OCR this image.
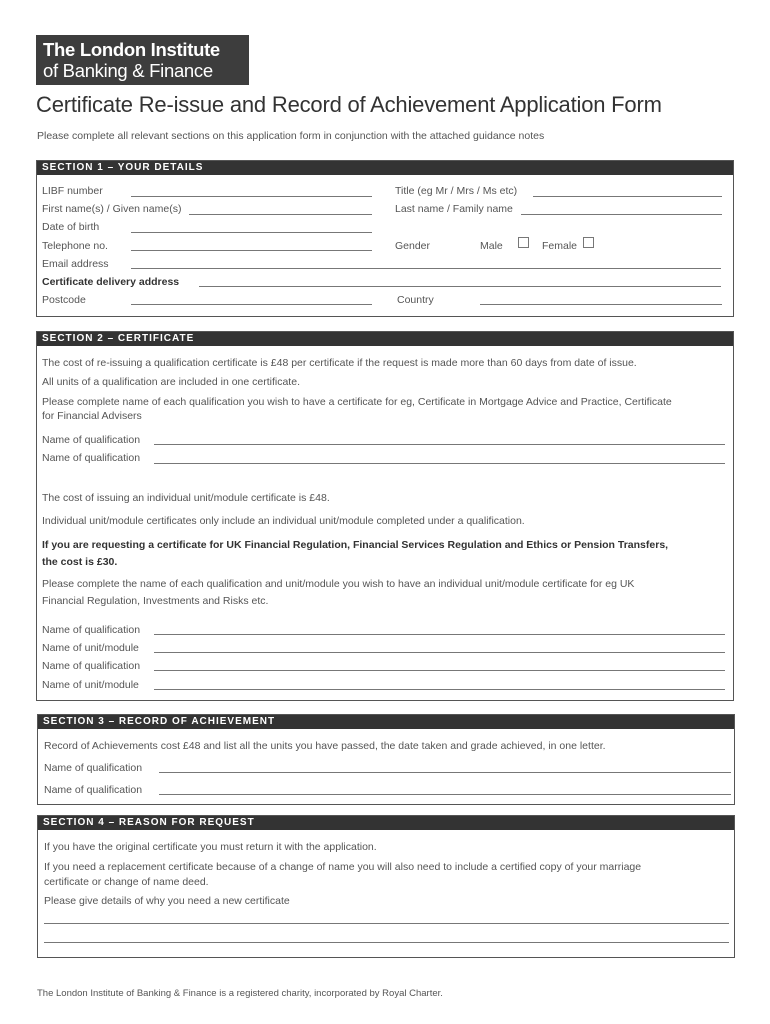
The London Institute
of Banking & Finance
Certificate Re-issue and Record of Achievement Application Form
Please complete all relevant sections on this application form in conjunction with the attached guidance notes
SECTION 1 – YOUR DETAILS
LIBF number
First name(s) / Given name(s)
Date of birth
Telephone no.
Email address
Certificate delivery address
Postcode
Title (eg Mr / Mrs / Ms etc)
Last name / Family name
Gender	Male	Female
Country
SECTION 2 – CERTIFICATE
The cost of re-issuing a qualification certificate is £48 per certificate if the request is made more than 60 days from date of issue.
All units of a qualification are included in one certificate.
Please complete name of each qualification you wish to have a certificate for eg, Certificate in Mortgage Advice and Practice, Certificate
for Financial Advisers
Name of qualification
Name of qualification
The cost of issuing an individual unit/module certificate is £48.
Individual unit/module certificates only include an individual unit/module completed under a qualification.
If you are requesting a certificate for UK Financial Regulation, Financial Services Regulation and Ethics or Pension Transfers,
the cost is £30.
Please complete the name of each qualification and unit/module you wish to have an individual unit/module certificate for eg UK
Financial Regulation, Investments and Risks etc.
Name of qualification
Name of unit/module
Name of qualification
Name of unit/module
SECTION 3 – RECORD OF ACHIEVEMENT
Record of Achievements cost £48 and list all the units you have passed, the date taken and grade achieved, in one letter.
Name of qualification
Name of qualification
SECTION 4 – REASON FOR REQUEST
If you have the original certificate you must return it with the application.
If you need a replacement certificate because of a change of name you will also need to include a certified copy of your marriage
certificate or change of name deed.
Please give details of why you need a new certificate
The London Institute of Banking & Finance is a registered charity, incorporated by Royal Charter.
